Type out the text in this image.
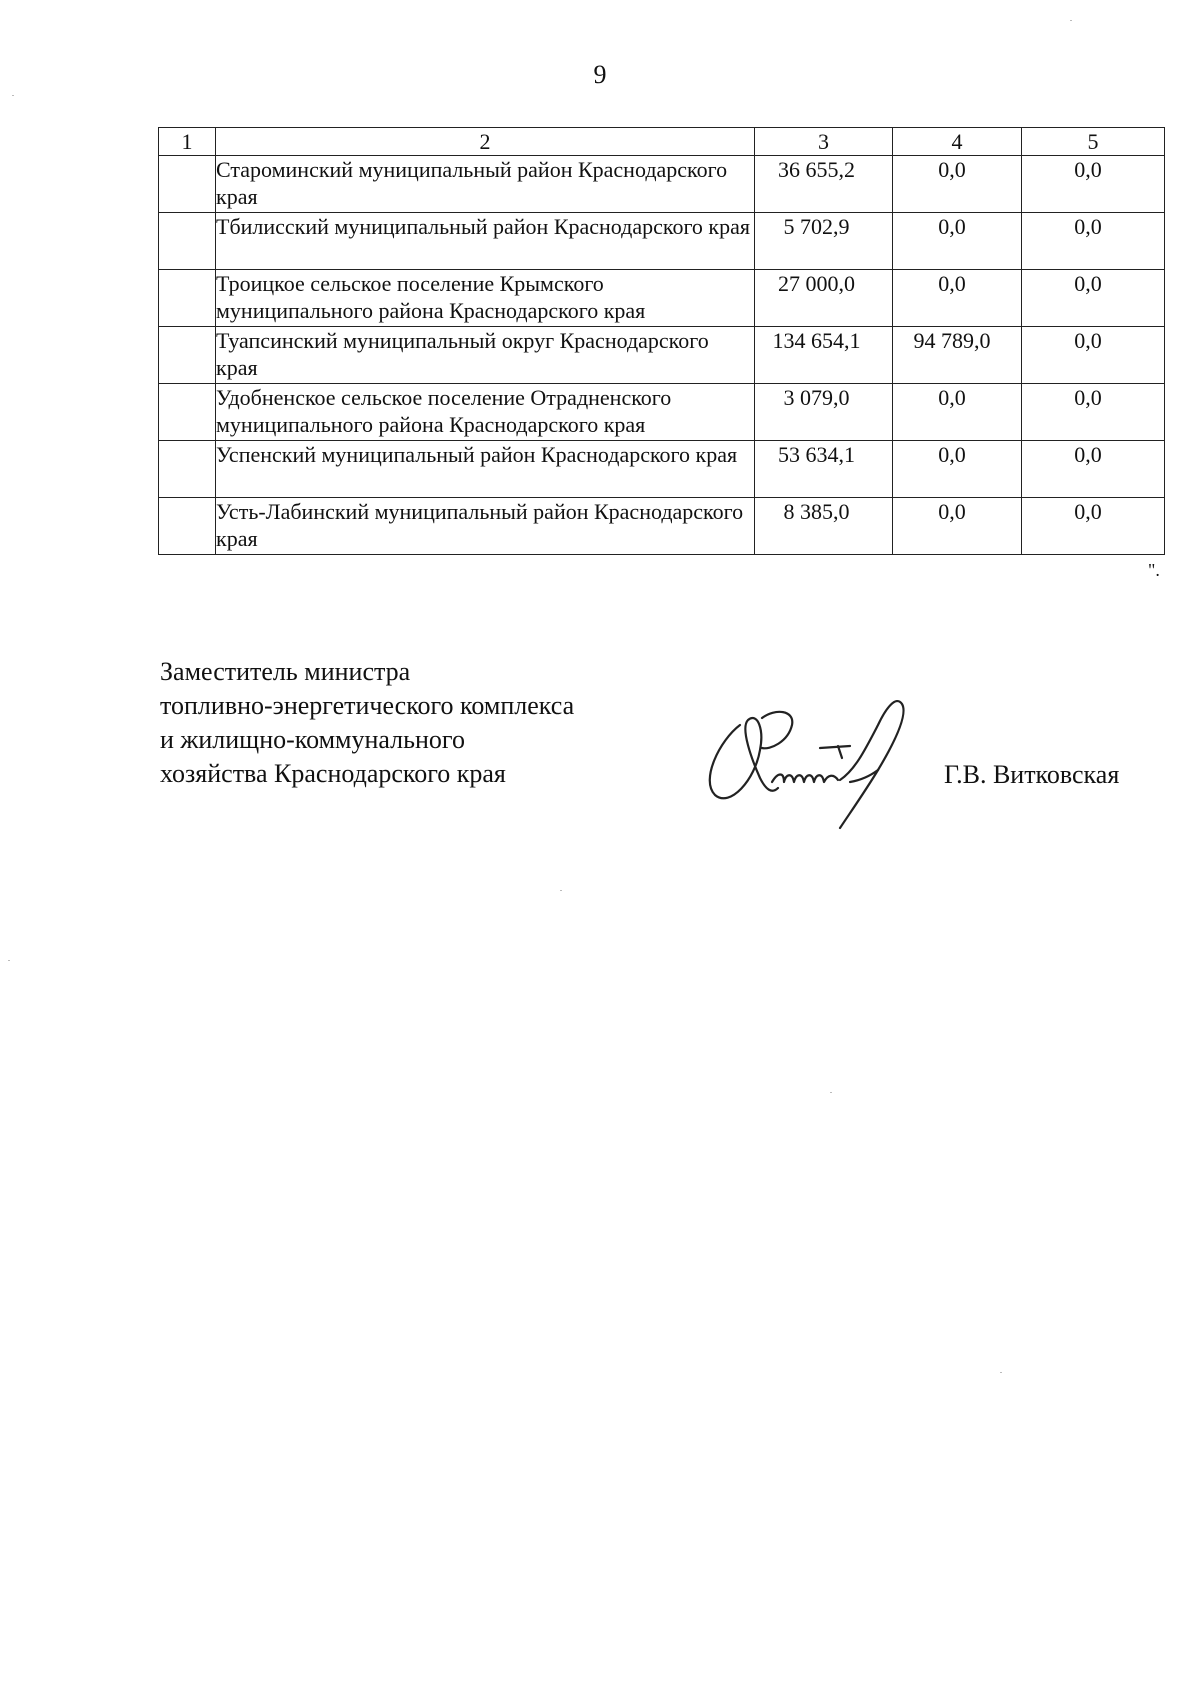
9
1	2	3	4	5
	Староминский муниципальный район Краснодарского края	36 655,2	0,0	0,0
	Тбилисский муниципальный район Краснодарского края	5 702,9	0,0	0,0
	Троицкое сельское поселение Крымского муниципального района Краснодарского края	27 000,0	0,0	0,0
	Туапсинский муниципальный округ Краснодарского края	134 654,1	94 789,0	0,0
	Удобненское сельское поселение Отрадненского муниципального района Краснодарского края	3 079,0	0,0	0,0
	Успенский муниципальный район Краснодарского края	53 634,1	0,0	0,0
	Усть-Лабинский муниципальный район Краснодарского края	8 385,0	0,0	0,0
".
Заместитель министра
топливно-энергетического комплекса
и жилищно-коммунального
хозяйства Краснодарского края	Г.В. Витковская
